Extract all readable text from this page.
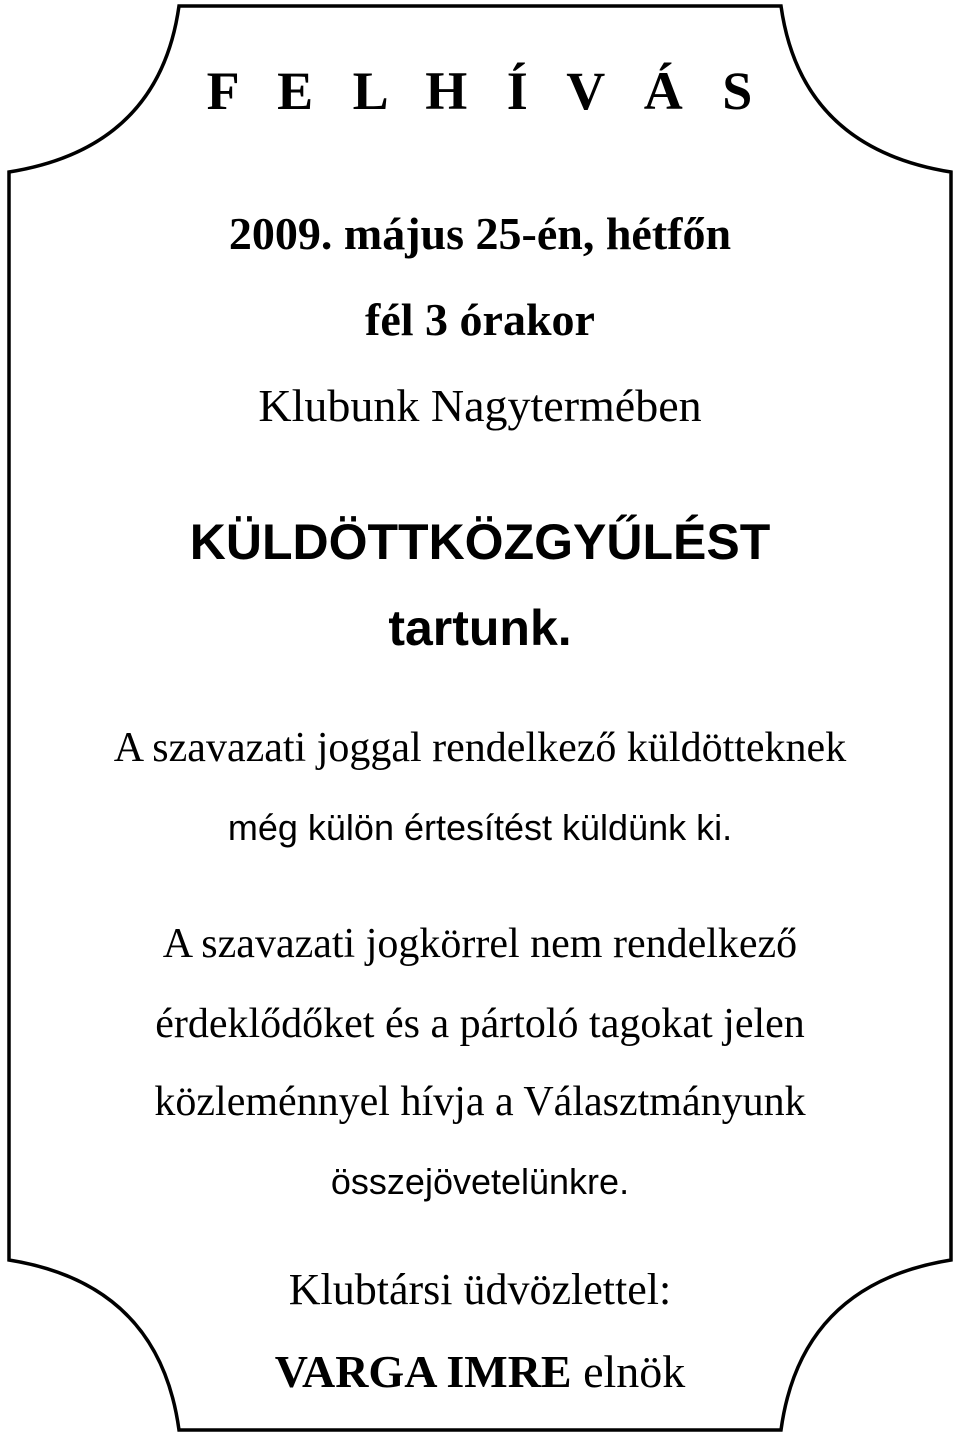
F E L H Í V Á S

2009. május 25-én, hétfőn

fél 3 órakor

Klubunk Nagytermében

KÜLDÖTTKÖZGYŰLÉST

tartunk.

A szavazati joggal rendelkező küldötteknek

még külön értesítést küldünk ki.

A szavazati jogkörrel nem rendelkező

érdeklődőket és a pártoló tagokat jelen

közleménnyel hívja a Választmányunk

összejövetelünkre.

Klubtársi üdvözlettel:

VARGA IMRE elnök
